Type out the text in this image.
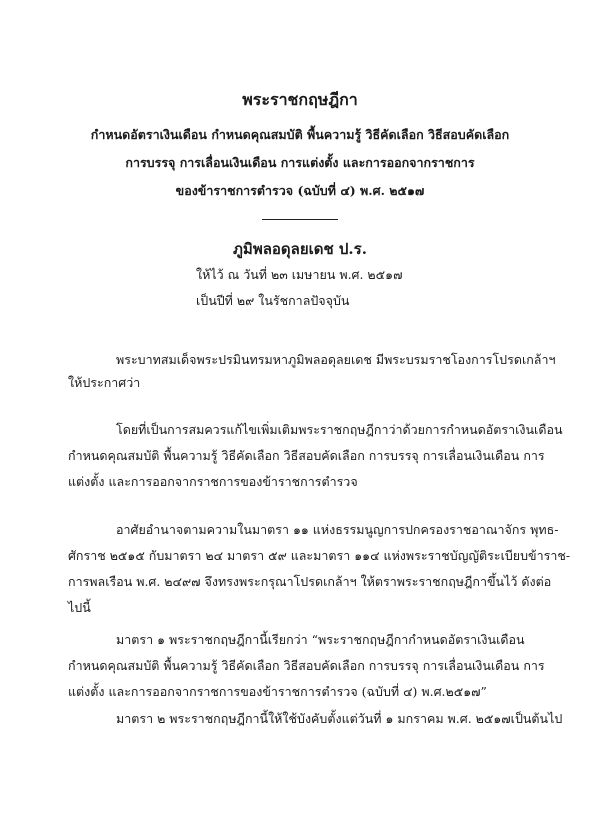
พระราชกฤษฎีกา
กำหนดอัตราเงินเดือน กำหนดคุณสมบัติ พื้นความรู้ วิธีคัดเลือก วิธีสอบคัดเลือก
การบรรจุ การเลื่อนเงินเดือน การแต่งตั้ง และการออกจากราชการ
ของข้าราชการตำรวจ (ฉบับที่ ๔) พ.ศ. ๒๕๑๗
ภูมิพลอดุลยเดช ป.ร.
ให้ไว้ ณ วันที่ ๒๓ เมษายน พ.ศ. ๒๕๑๗
เป็นปีที่ ๒๙ ในรัชกาลปัจจุบัน
พระบาทสมเด็จพระปรมินทรมหาภูมิพลอดุลยเดช มีพระบรมราชโองการโปรดเกล้าฯ
ให้ประกาศว่า
โดยที่เป็นการสมควรแก้ไขเพิ่มเติมพระราชกฤษฎีกาว่าด้วยการกำหนดอัตราเงินเดือน
กำหนดคุณสมบัติ พื้นความรู้ วิธีคัดเลือก วิธีสอบคัดเลือก การบรรจุ การเลื่อนเงินเดือน การ
แต่งตั้ง และการออกจากราชการของข้าราชการตำรวจ
อาศัยอำนาจตามความในมาตรา ๑๑ แห่งธรรมนูญการปกครองราชอาณาจักร พุทธ-
ศักราช ๒๕๑๕ กับมาตรา ๒๔ มาตรา ๕๙ และมาตรา ๑๑๔ แห่งพระราชบัญญัติระเบียบข้าราช-
การพลเรือน พ.ศ. ๒๔๙๗ จึงทรงพระกรุณาโปรดเกล้าฯ ให้ตราพระราชกฤษฎีกาขึ้นไว้ ดังต่อ
ไปนี้
มาตรา ๑ พระราชกฤษฎีกานี้เรียกว่า “พระราชกฤษฎีกากำหนดอัตราเงินเดือน
กำหนดคุณสมบัติ พื้นความรู้ วิธีคัดเลือก วิธีสอบคัดเลือก การบรรจุ การเลื่อนเงินเดือน การ
แต่งตั้ง และการออกจากราชการของข้าราชการตำรวจ (ฉบับที่ ๔) พ.ศ.๒๕๑๗”
มาตรา ๒ พระราชกฤษฎีกานี้ให้ใช้บังคับตั้งแต่วันที่ ๑ มกราคม พ.ศ. ๒๕๑๗เป็นต้นไป
